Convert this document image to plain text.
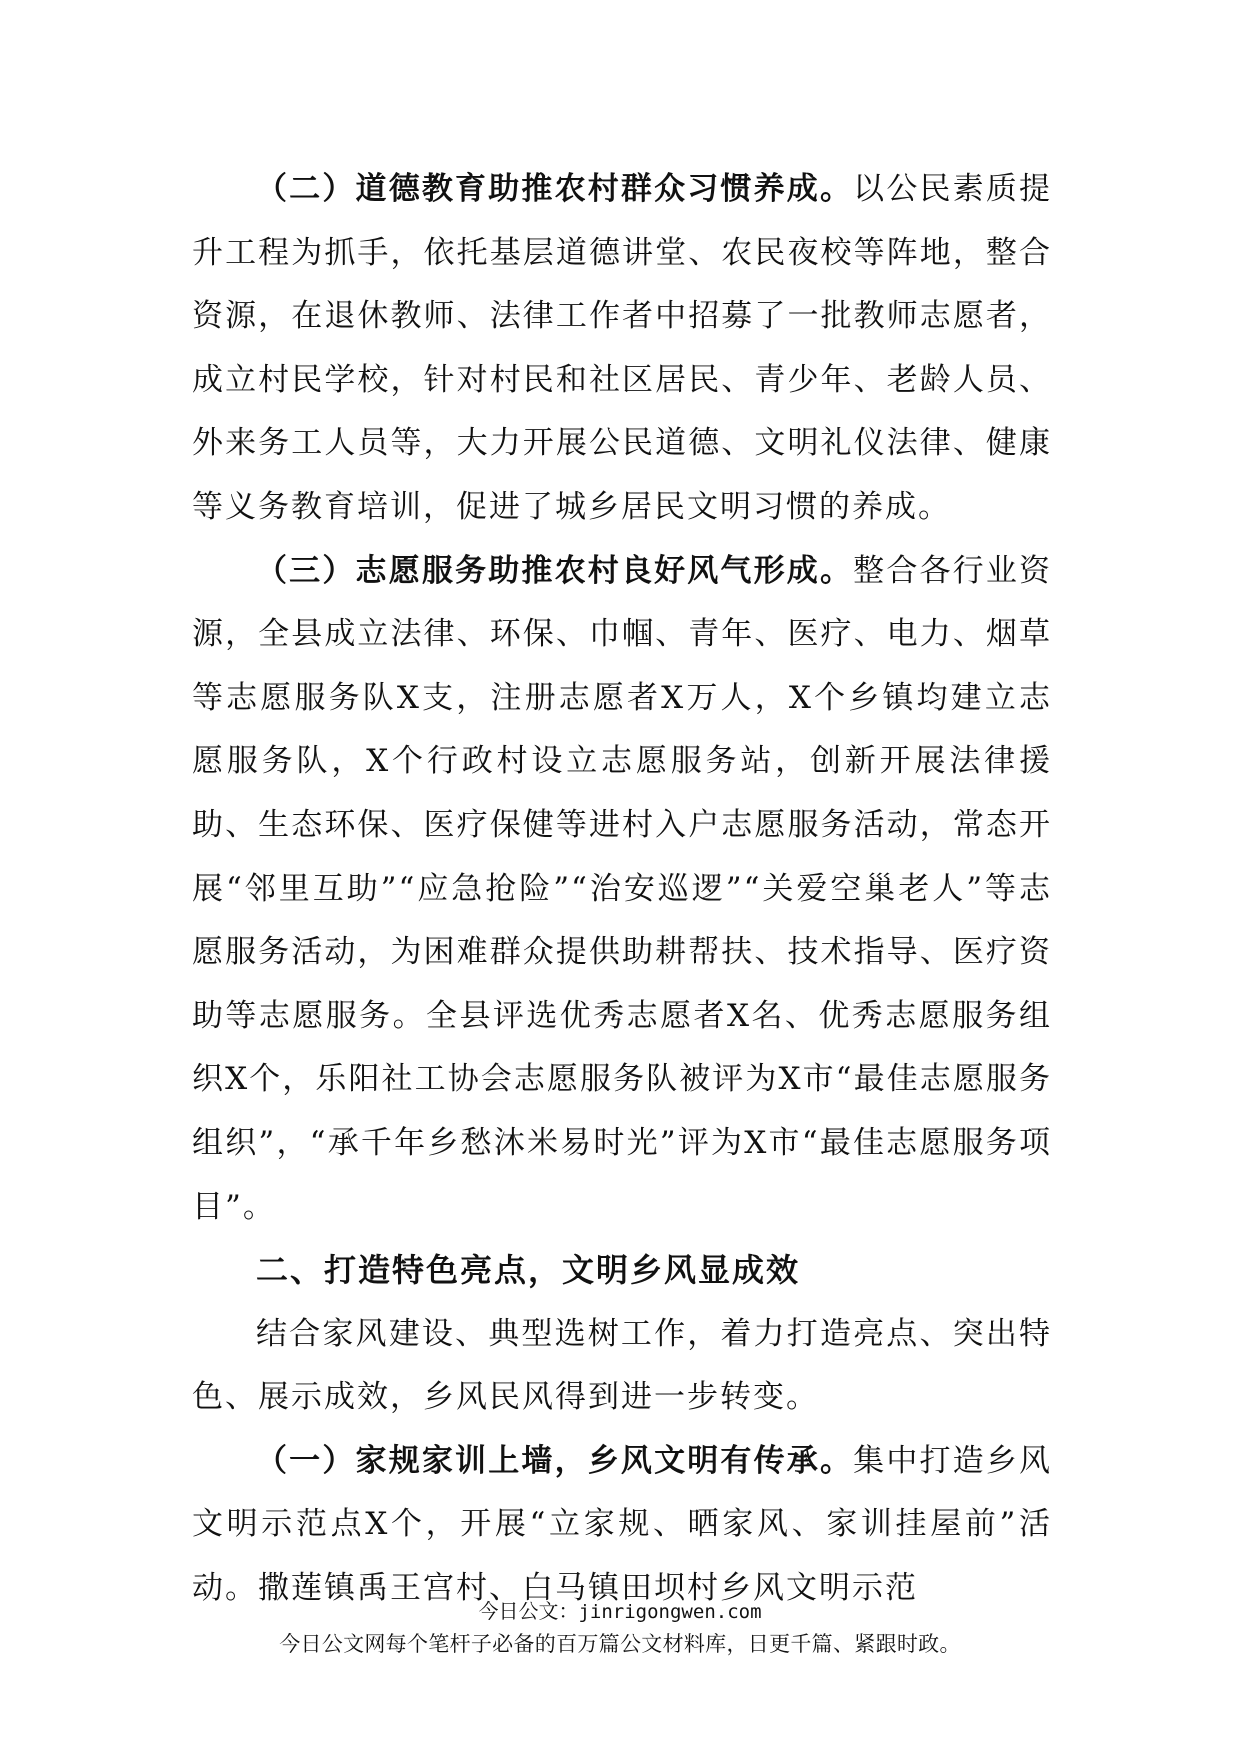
（二）道德教育助推农村群众习惯养成。以公民素质提升工程为抓手，依托基层道德讲堂、农民夜校等阵地，整合资源，在退休教师、法律工作者中招募了一批教师志愿者，成立村民学校，针对村民和社区居民、青少年、老龄人员、外来务工人员等，大力开展公民道德、文明礼仪法律、健康等义务教育培训，促进了城乡居民文明习惯的养成。

（三）志愿服务助推农村良好风气形成。整合各行业资源，全县成立法律、环保、巾帼、青年、医疗、电力、烟草等志愿服务队X支，注册志愿者X万人，X个乡镇均建立志愿服务队，X个行政村设立志愿服务站，创新开展法律援助、生态环保、医疗保健等进村入户志愿服务活动，常态开展“邻里互助”“应急抢险”“治安巡逻”“关爱空巢老人”等志愿服务活动，为困难群众提供助耕帮扶、技术指导、医疗资助等志愿服务。全县评选优秀志愿者X名、优秀志愿服务组织X个，乐阳社工协会志愿服务队被评为X市“最佳志愿服务组织”，“承千年乡愁沐米易时光”评为X市“最佳志愿服务项目”。

二、打造特色亮点，文明乡风显成效

结合家风建设、典型选树工作，着力打造亮点、突出特色、展示成效，乡风民风得到进一步转变。

（一）家规家训上墙，乡风文明有传承。集中打造乡风文明示范点X个，开展“立家规、晒家风、家训挂屋前”活动。撒莲镇禹王宫村、白马镇田坝村乡风文明示范

今日公文：jinrigongwen.com
今日公文网每个笔杆子必备的百万篇公文材料库，日更千篇、紧跟时政。
